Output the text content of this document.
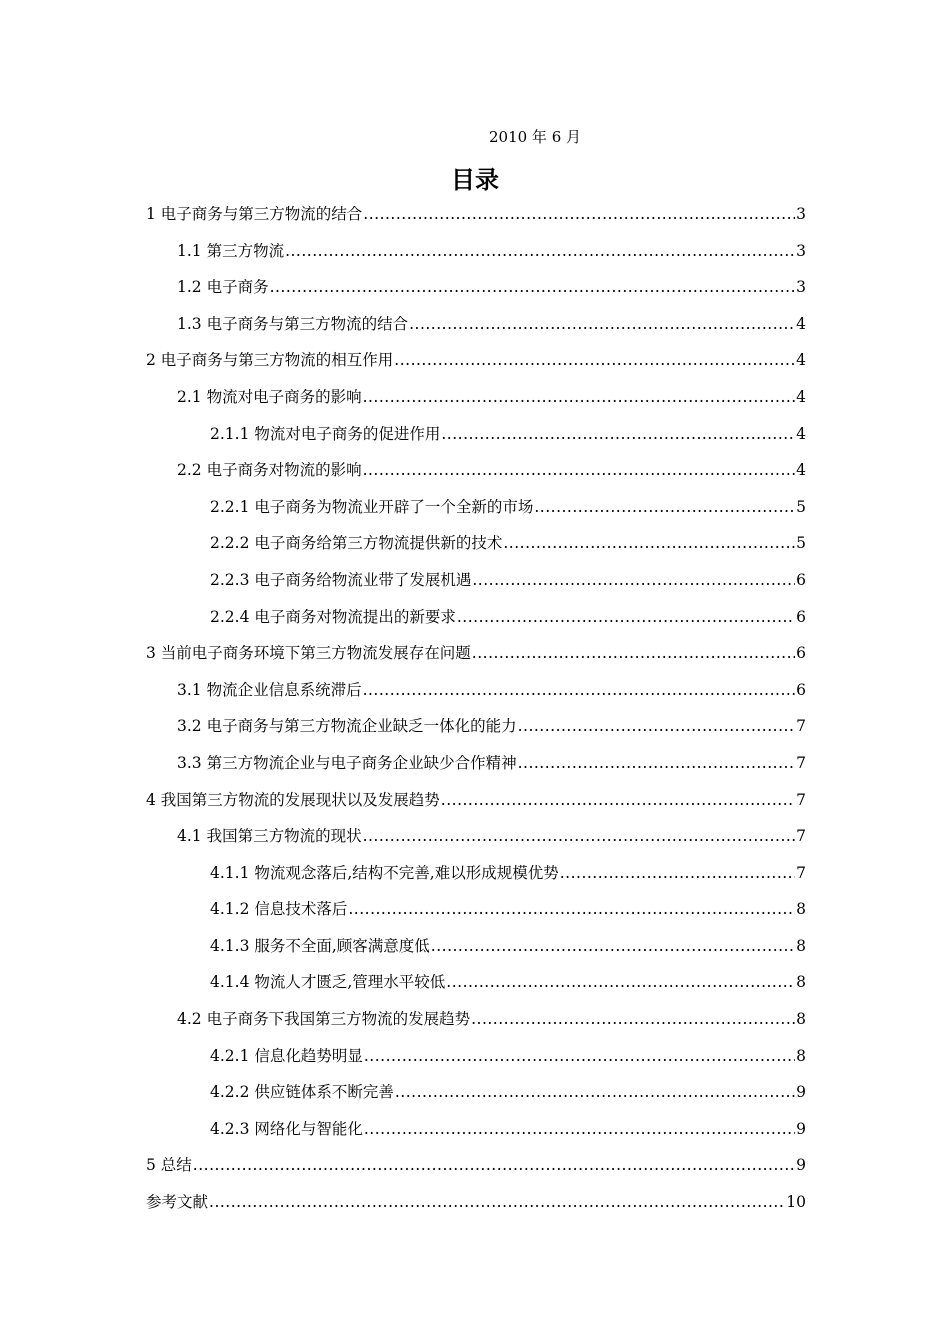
2010 年 6 月
目录
1 电子商务与第三方物流的结合 .....	3
1.1 第三方物流 .....	3
1.2 电子商务 .....	3
1.3 电子商务与第三方物流的结合 .....	4
2 电子商务与第三方物流的相互作用 .....	4
2.1 物流对电子商务的影响 .....	4
2.1.1 物流对电子商务的促进作用 .....	4
2.2 电子商务对物流的影响 .....	4
2.2.1 电子商务为物流业开辟了一个全新的市场 .....	5
2.2.2 电子商务给第三方物流提供新的技术 .....	5
2.2.3 电子商务给物流业带了发展机遇 .....	6
2.2.4 电子商务对物流提出的新要求 .....	6
3 当前电子商务环境下第三方物流发展存在问题 .....	6
3.1 物流企业信息系统滞后 .....	6
3.2 电子商务与第三方物流企业缺乏一体化的能力 .....	7
3.3 第三方物流企业与电子商务企业缺少合作精神 .....	7
4 我国第三方物流的发展现状以及发展趋势 .....	7
4.1 我国第三方物流的现状 .....	7
4.1.1 物流观念落后,结构不完善,难以形成规模优势 .....	7
4.1.2 信息技术落后 .....	8
4.1.3 服务不全面,顾客满意度低 .....	8
4.1.4 物流人才匮乏,管理水平较低 .....	8
4.2 电子商务下我国第三方物流的发展趋势 .....	8
4.2.1 信息化趋势明显 .....	8
4.2.2 供应链体系不断完善 .....	9
4.2.3 网络化与智能化 .....	9
5 总结 .....	9
参考文献 .....	10
